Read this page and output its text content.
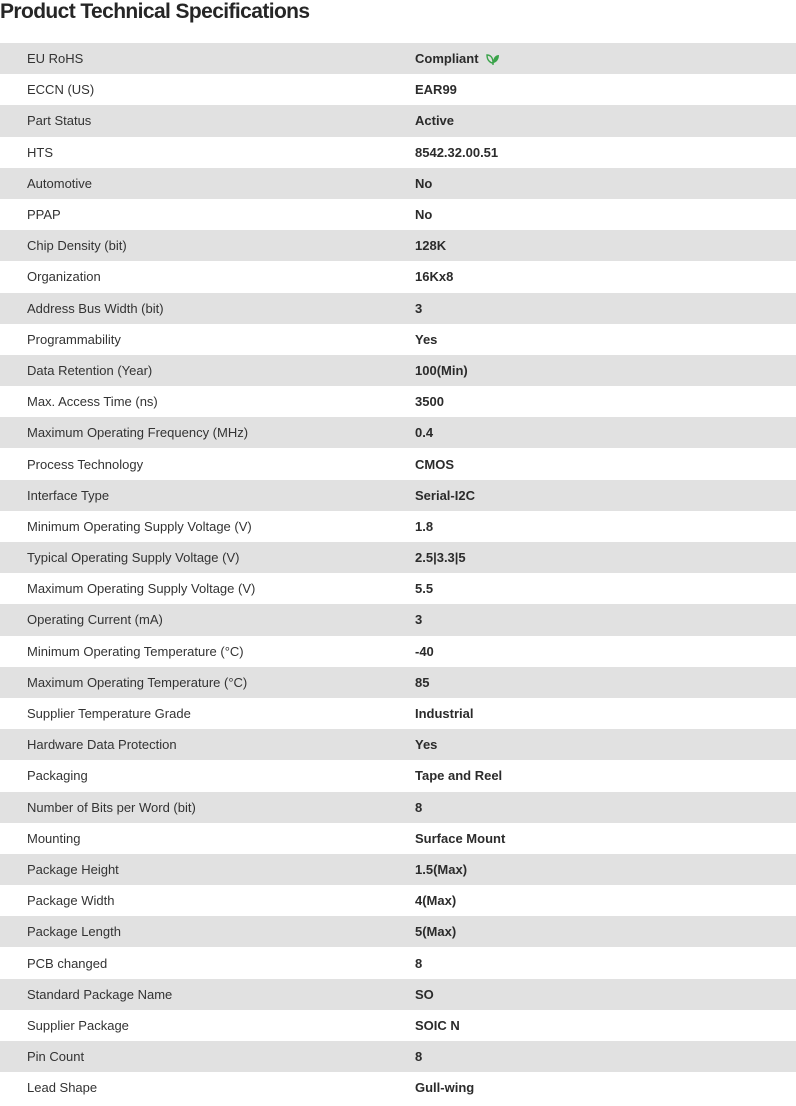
Product Technical Specifications
EU RoHS	Compliant
ECCN (US)	EAR99
Part Status	Active
HTS	8542.32.00.51
Automotive	No
PPAP	No
Chip Density (bit)	128K
Organization	16Kx8
Address Bus Width (bit)	3
Programmability	Yes
Data Retention (Year)	100(Min)
Max. Access Time (ns)	3500
Maximum Operating Frequency (MHz)	0.4
Process Technology	CMOS
Interface Type	Serial-I2C
Minimum Operating Supply Voltage (V)	1.8
Typical Operating Supply Voltage (V)	2.5|3.3|5
Maximum Operating Supply Voltage (V)	5.5
Operating Current (mA)	3
Minimum Operating Temperature (°C)	-40
Maximum Operating Temperature (°C)	85
Supplier Temperature Grade	Industrial
Hardware Data Protection	Yes
Packaging	Tape and Reel
Number of Bits per Word (bit)	8
Mounting	Surface Mount
Package Height	1.5(Max)
Package Width	4(Max)
Package Length	5(Max)
PCB changed	8
Standard Package Name	SO
Supplier Package	SOIC N
Pin Count	8
Lead Shape	Gull-wing
